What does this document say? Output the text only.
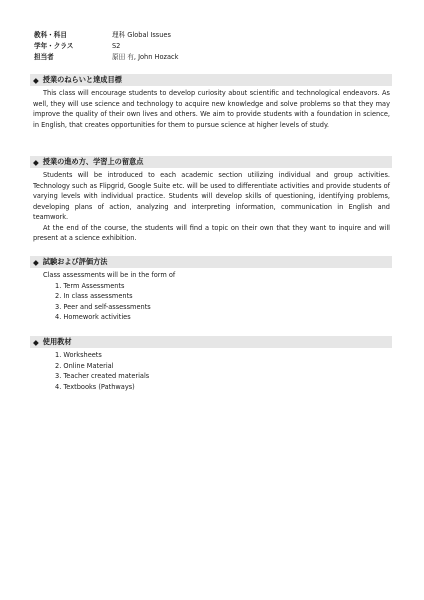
教科・科目	理科 Global Issues
学年・クラス	S2
担当者	原田 有, John Hozack
◆ 授業のねらいと達成目標

This class will encourage students to develop curiosity about scientific and technological endeavors. As well, they will use science and technology to acquire new knowledge and solve problems so that they may improve the quality of their own lives and others. We aim to provide students with a foundation in science, in English, that creates opportunities for them to pursue science at higher levels of study.

◆ 授業の進め方、学習上の留意点

Students will be introduced to each academic section utilizing individual and group activities. Technology such as Flipgrid, Google Suite etc. will be used to differentiate activities and provide students of varying levels with individual practice. Students will develop skills of questioning, identifying problems, developing plans of action, analyzing and interpreting information, communication in English and teamwork.

At the end of the course, the students will find a topic on their own that they want to inquire and will present at a science exhibition.

◆ 試験および評価方法
Class assessments will be in the form of
1. Term Assessments
2. In class assessments
3. Peer and self-assessments
4. Homework activities
◆ 使用教材
1. Worksheets
2. Online Material
3. Teacher created materials
4. Textbooks (Pathways)
